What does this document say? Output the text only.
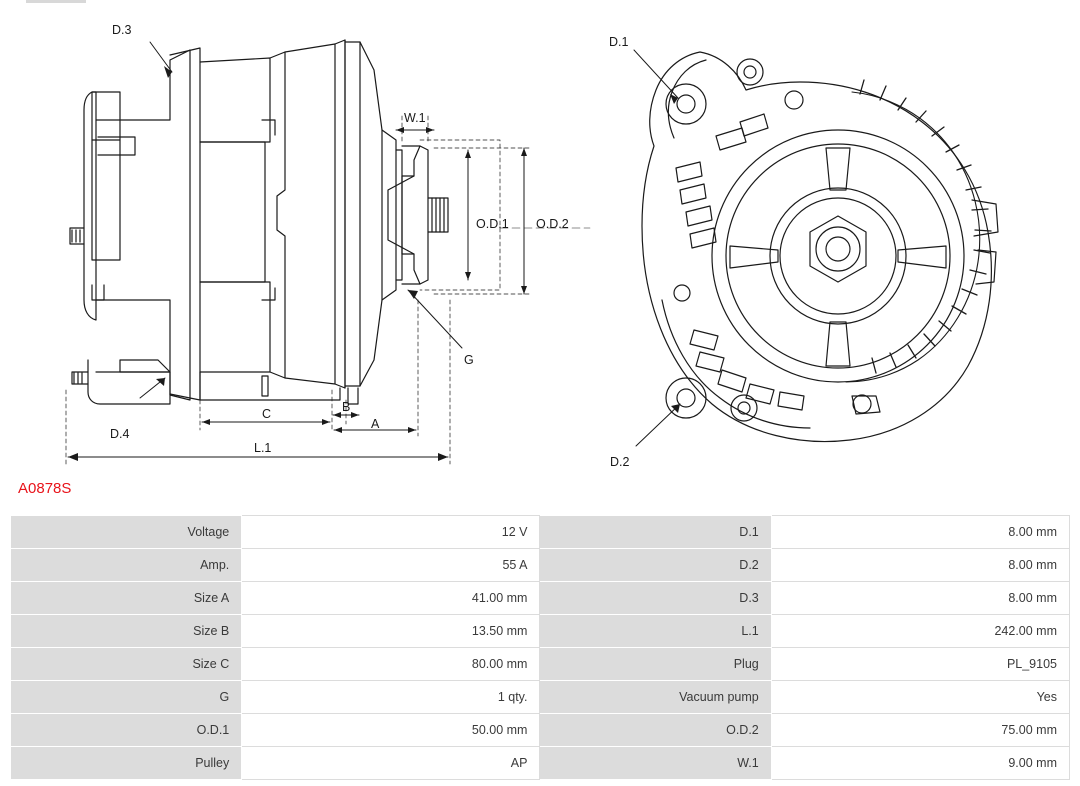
D.3
D.4
W.1
O.D.1 O.D.2
G
C	B
A
L.1
D.1
D.2
A0878S
Voltage	12 V	D.1	8.00 mm
Amp.	55 A	D.2	8.00 mm
Size A	41.00 mm	D.3	8.00 mm
Size B	13.50 mm	L.1	242.00 mm
Size C	80.00 mm	Plug	PL_9105
G	1 qty.	Vacuum pump	Yes
O.D.1	50.00 mm	O.D.2	75.00 mm
Pulley	AP	W.1	9.00 mm
